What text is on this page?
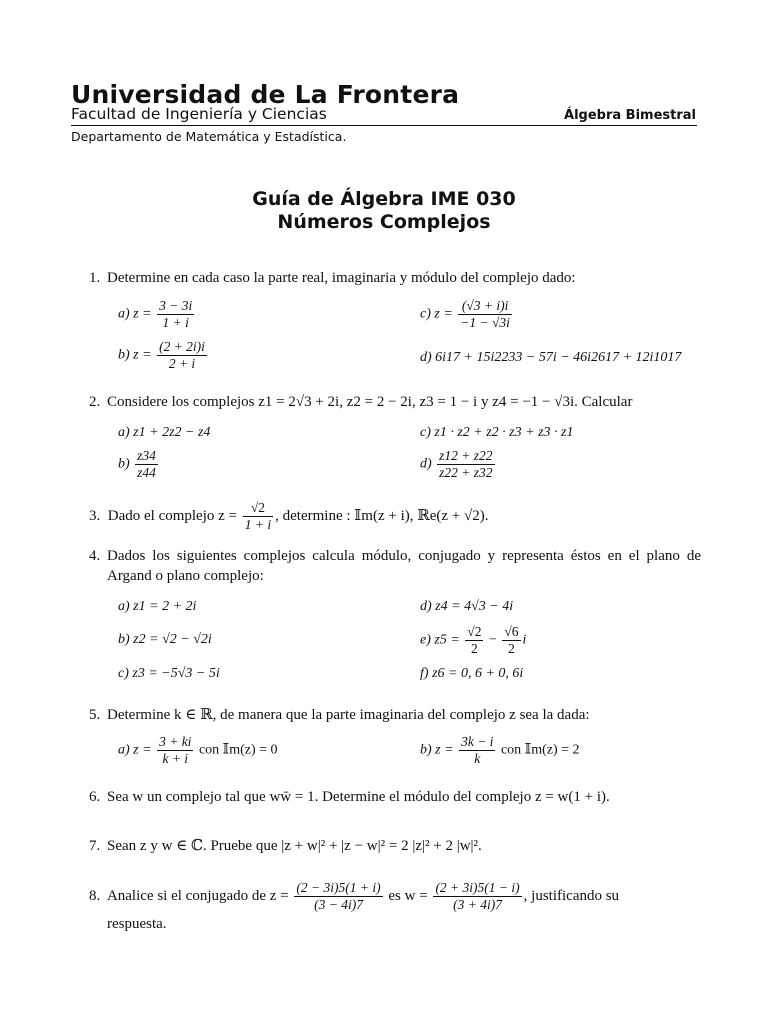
Universidad de La Frontera
Facultad de Ingeniería y Ciencias	Álgebra Bimestral
Departamento de Matemática y Estadística.
Guía de Álgebra IME 030
Números Complejos
1. Determine en cada caso la parte real, imaginaria y módulo del complejo dado:
a) $z = \frac{3 - 3i}{1 + i}$
b) $z = \frac{(2 + 2i)i}{2 + i}$
c) $z = \frac{(√3 + i)i}{-1 - √3i}$
d) 6i17 + 15i2233 − 57i − 46i2617 + 12i1017
2. Considere los complejos z1 = 2√3 + 2i, z2 = 2 − 2i, z3 = 1 − i y z4 = −1 − √3i. Calcular
a) z1 + 2z2 − z4
$b) \frac{z34}{z44}$
c) z1 · z2 + z2 · z3 + z3 · z1
$d) \frac{z12 + z22}{z22 + z32}$
3. Dado el complejo $z = \frac{√2}{1 + i}$ , determine : 𝕀m(z + i), ℝe(z + √2).
4. Dados los siguientes complejos calcula módulo, conjugado y representa éstos en el plano de Argand o plano complejo:
a) z1 = 2 + 2i
b) z2 = √2 − √2i
c) z3 = −5√3 − 5i
d) z4 = 4√3 − 4i
e) $z5 = \frac{√2}{2} - \frac{√6}{2}$ i
f) z6 = 0, 6 + 0, 6i
5. Determine k ∈ ℝ, de manera que la parte imaginaria del complejo z sea la dada:
a) $z = \frac{3 + ki}{k + i}$ con 𝕀m(z) = 0	b) $z = \frac{3k - i}{k}$ con 𝕀m(z) = 2
6. Sea w un complejo tal que ww̄ = 1. Determine el módulo del complejo z = w(1 + i).
7. Sean z y w ∈ ℂ. Pruebe que |z + w|² + |z − w|² = 2 |z|² + 2 |w|².
8. Analice si el conjugado de $z = \frac{(2 - 3i)5(1 + i)}{(3 - 4i)7}$ es $w = \frac{(2 + 3i)5(1 - i)}{(3 + 4i)7}$ , justificando su
respuesta.
